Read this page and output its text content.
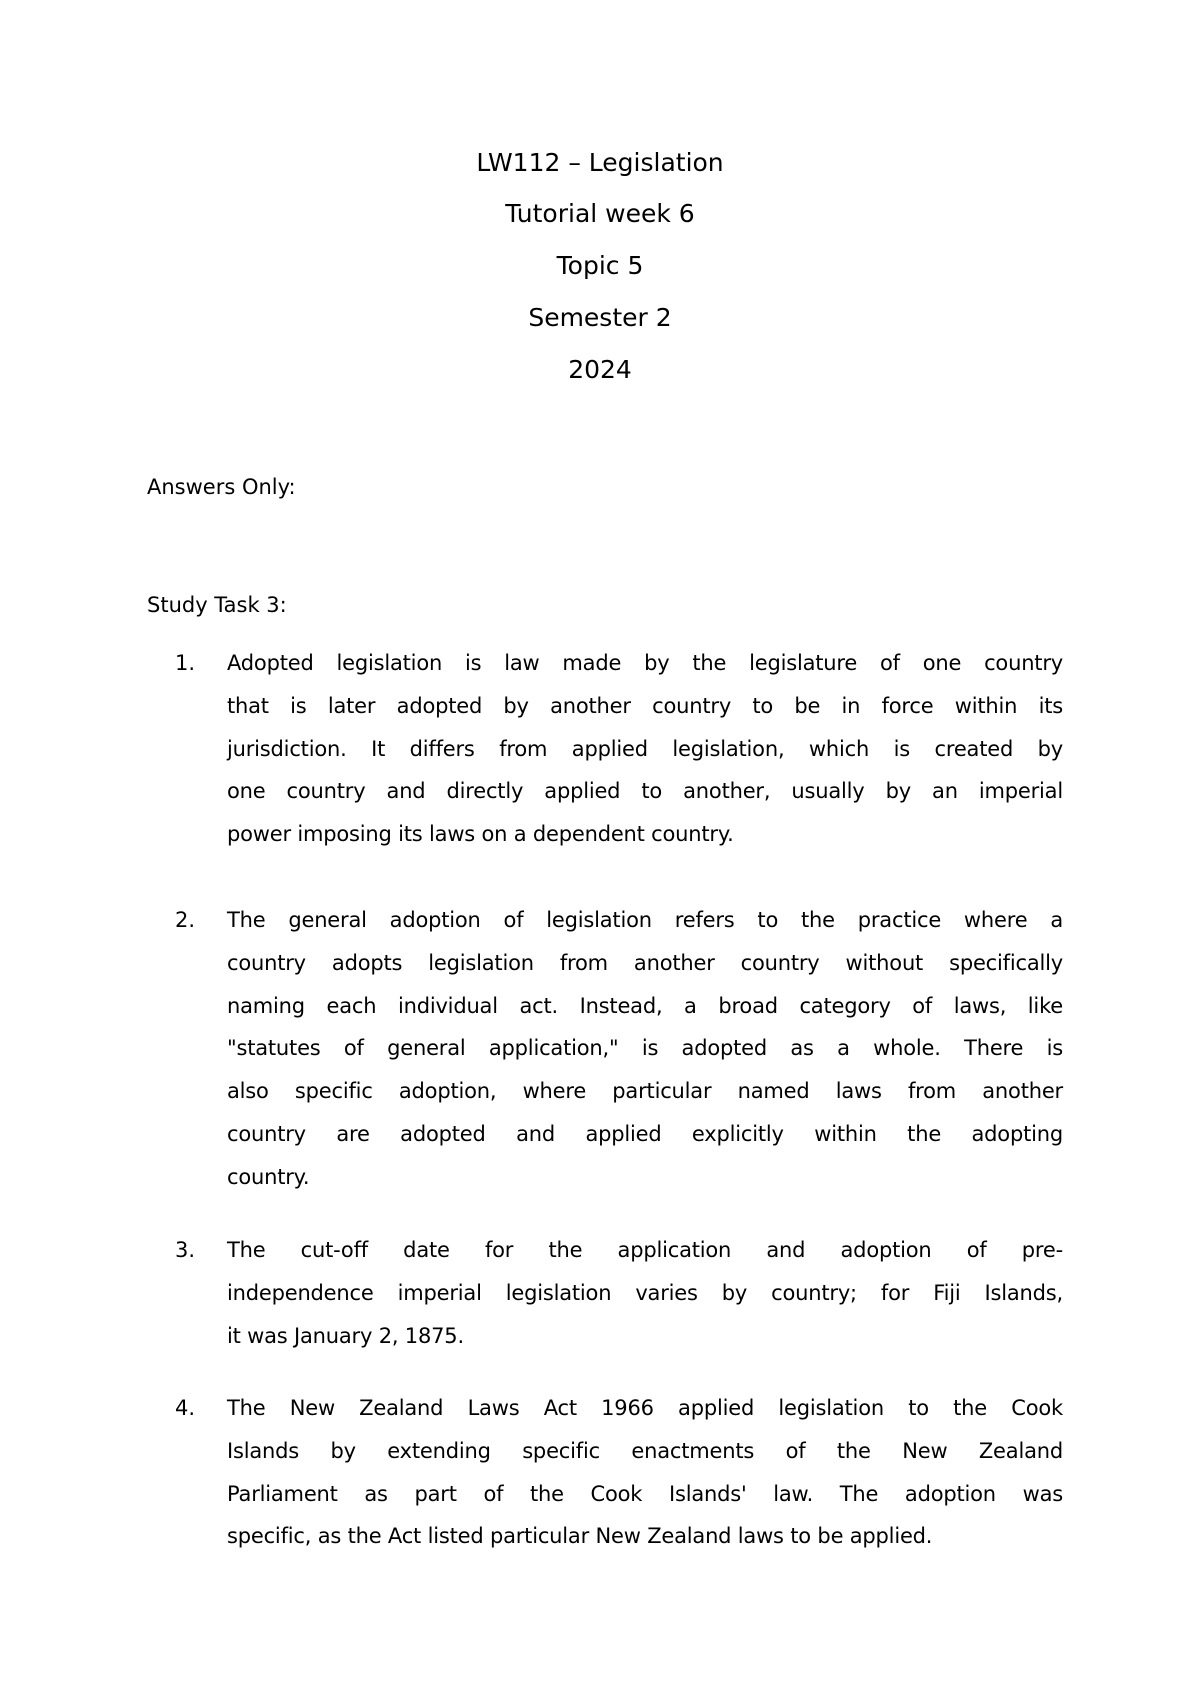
LW112 – Legislation
Tutorial week 6
Topic 5
Semester 2
2024
Answers Only:
Study Task 3:
1. Adopted legislation is law made by the legislature of one country
that is later adopted by another country to be in force within its
jurisdiction. It differs from applied legislation, which is created by
one country and directly applied to another, usually by an imperial
power imposing its laws on a dependent country.
2. The general adoption of legislation refers to the practice where a
country adopts legislation from another country without specifically
naming each individual act. Instead, a broad category of laws, like
"statutes of general application," is adopted as a whole. There is
also specific adoption, where particular named laws from another
country are adopted and applied explicitly within the adopting
country.
3. The cut-off date for the application and adoption of pre-
independence imperial legislation varies by country; for Fiji Islands,
it was January 2, 1875.
4. The New Zealand Laws Act 1966 applied legislation to the Cook
Islands by extending specific enactments of the New Zealand
Parliament as part of the Cook Islands' law. The adoption was
specific, as the Act listed particular New Zealand laws to be applied.
